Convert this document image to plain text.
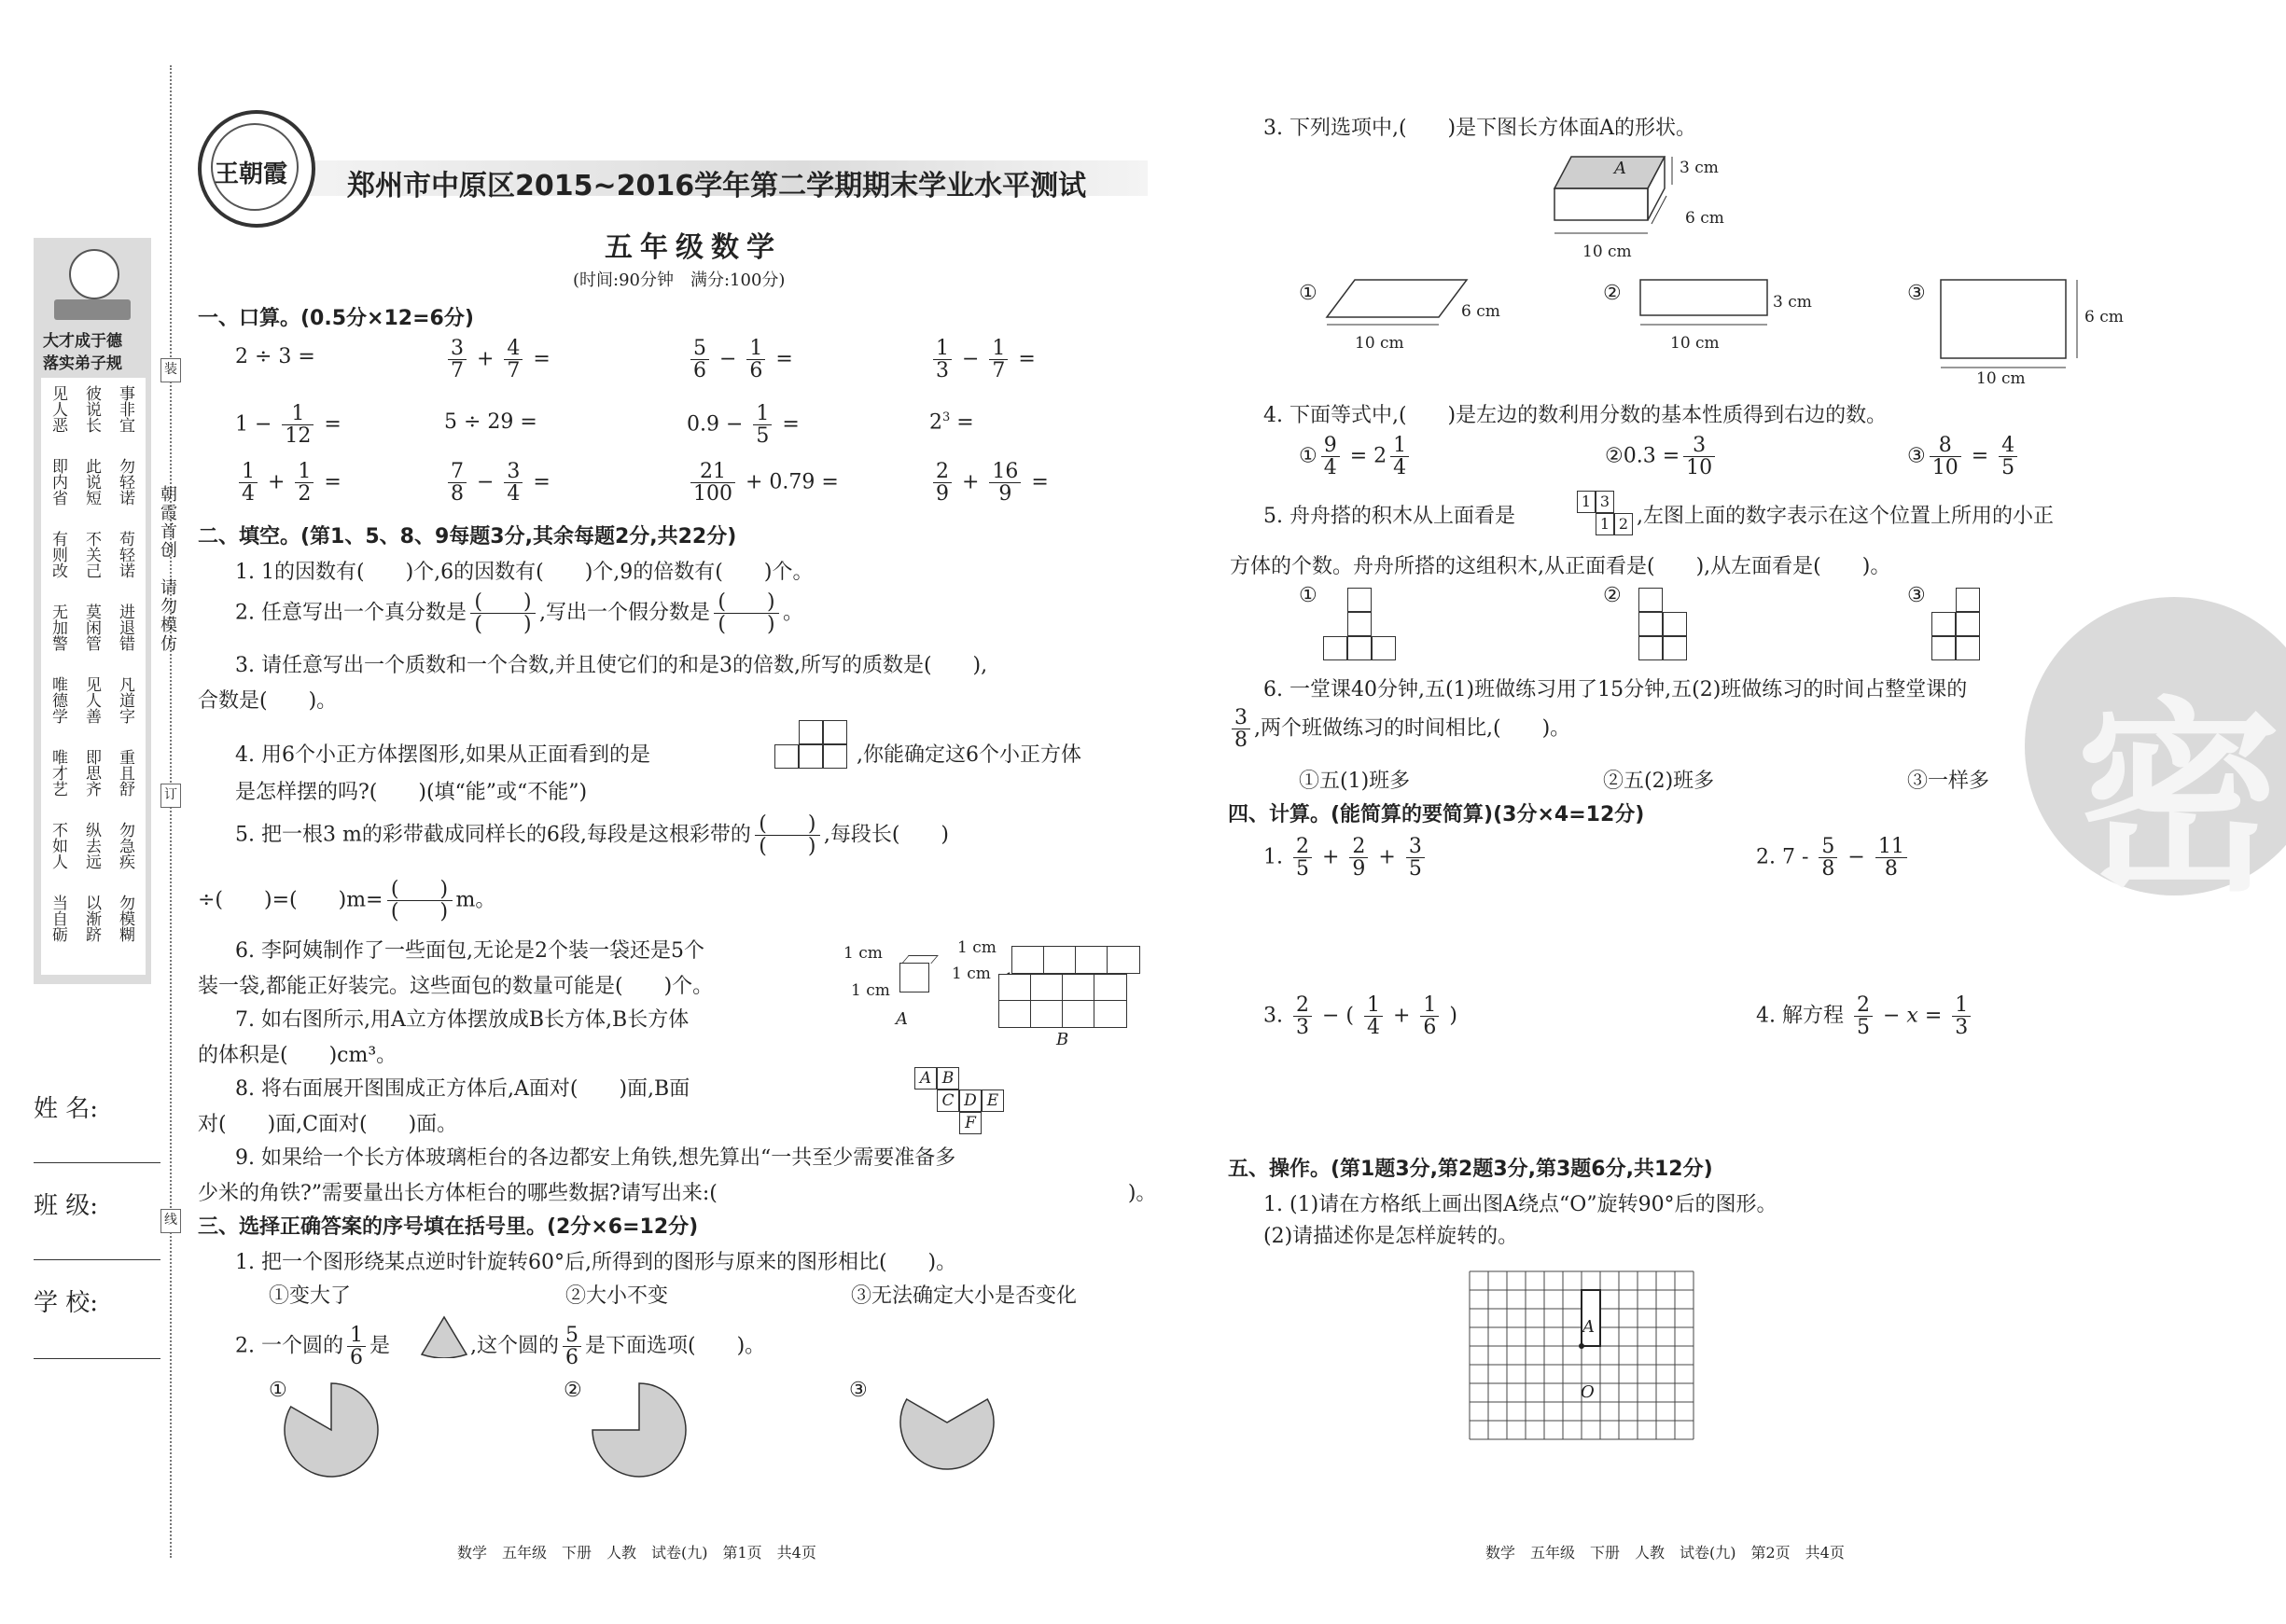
密
大才成于德
落实弟子规
见人恶 彼说长 事非宜
即内省 此说短 勿轻诺
有则改 不关己 苟轻诺
无加警 莫闲管 进退错
唯德学 见人善 凡道字
唯才艺 即思齐 重且舒
不如人 纵去远 勿急疾
当自砺 以渐跻 勿模糊
朝霞首创
请勿模仿
装
订
线
姓 名:
班 级:
学 校:
王朝霞 郑州市中原区2015~2016学年第二学期期末学业水平测试
五年级数学
(时间:90分钟　满分:100分)
一、口算。(0.5分×12=6分)
2 ÷ 3 =	$\frac{3}{7} + \frac{4}{7}$ =	$\frac{5}{6} - \frac{1}{6}$ =	$\frac{1}{3} - \frac{1}{7}$ =
$1 - \frac{1}{12}$ =	5 ÷ 29 =	$0.9 - \frac{1}{5}$ =	$2^3$ =
$\frac{1}{4} + \frac{1}{2}$ =	$\frac{7}{8} - \frac{3}{4}$ =	$\frac{21}{100} + 0.79$ =	$\frac{2}{9} + \frac{16}{9}$ =
二、填空。(第1、5、8、9每题3分,其余每题2分,共22分)
1. 1的因数有(　　)个,6的因数有(　　)个,9的倍数有(　　)个。
2. 任意写出一个真分数是 (　　)
(　　) ,写出一个假分数是 (　　)
(　　) 。
3. 请任意写出一个质数和一个合数,并且使它们的和是3的倍数,所写的质数是(　　),
合数是(　　)。
4. 用6个小正方体摆图形,如果从正面看到的是	,你能确定这6个小正方体
是怎样摆的吗?(　　)(填“能”或“不能”)
5. 把一根3 m的彩带截成同样长的6段,每段是这根彩带的 (　　)
(　　) ,每段长(　　)
÷(　　)=(　　)m= (　　)
(　　) m。
6. 李阿姨制作了一些面包,无论是2个装一袋还是5个
装一袋,都能正好装完。这些面包的数量可能是(　　)个。
7. 如右图所示,用A立方体摆放成B长方体,B长方体
的体积是(　　)cm³。
1 cm
1 cm
A
1 cm
1 cm
B
8. 将右面展开图围成正方体后,A面对(　　)面,B面
对(　　)面,C面对(　　)面。
A B
C D E
F
9. 如果给一个长方体玻璃柜台的各边都安上角铁,想先算出“一共至少需要准备多
少米的角铁?”需要量出长方体柜台的哪些数据?请写出来:(　　　　　　　　　　　　　　　　　　　　)。
三、选择正确答案的序号填在括号里。(2分×6=12分)
1. 把一个图形绕某点逆时针旋转60°后,所得到的图形与原来的图形相比(　　)。
①变大了	②大小不变	③无法确定大小是否变化
2. 一个圆的 $\frac{1}{6}$ 是	,这个圆的 $\frac{5}{6}$ 是下面选项(　　)。
①	②	③
3. 下列选项中,(　　)是下图长方体面A的形状。
A	3 cm
6 cm
10 cm
①
6 cm
10 cm
②	3 cm
10 cm
③
6 cm
10 cm
4. 下面等式中,(　　)是左边的数利用分数的基本性质得到右边的数。
① $\frac{9}{4} = 2 \frac{1}{4}$	②0.3 = $\frac{3}{10}$	③ $\frac{8}{10} = \frac{4}{5}$
5. 舟舟搭的积木从上面看是
1 3
1 2 ,左图上面的数字表示在这个位置上所用的小正
方体的个数。舟舟所搭的这组积木,从正面看是(　　),从左面看是(　　)。
①	②	③
6. 一堂课40分钟,五(1)班做练习用了15分钟,五(2)班做练习的时间占整堂课的
$\frac{3}{8}$ ,两个班做练习的时间相比,(　　)。
①五(1)班多	②五(2)班多	③一样多
四、计算。(能简算的要简算)(3分×4=12分)
1. $\frac{2}{5} + \frac{2}{9} + \frac{3}{5}$	2. $7 - \frac{5}{8} - \frac{11}{8}$
3. $\frac{2}{3}$ − ( $\frac{1}{4} + \frac{1}{6}$ )	4. 解方程 $\frac{2}{5} - x = \frac{1}{3}$
五、操作。(第1题3分,第2题3分,第3题6分,共12分)
1. (1)请在方格纸上画出图A绕点“O”旋转90°后的图形。
(2)请描述你是怎样旋转的。
A
O
数学　五年级　下册　人教　试卷(九)　第1页　共4页	数学　五年级　下册　人教　试卷(九)　第2页　共4页
